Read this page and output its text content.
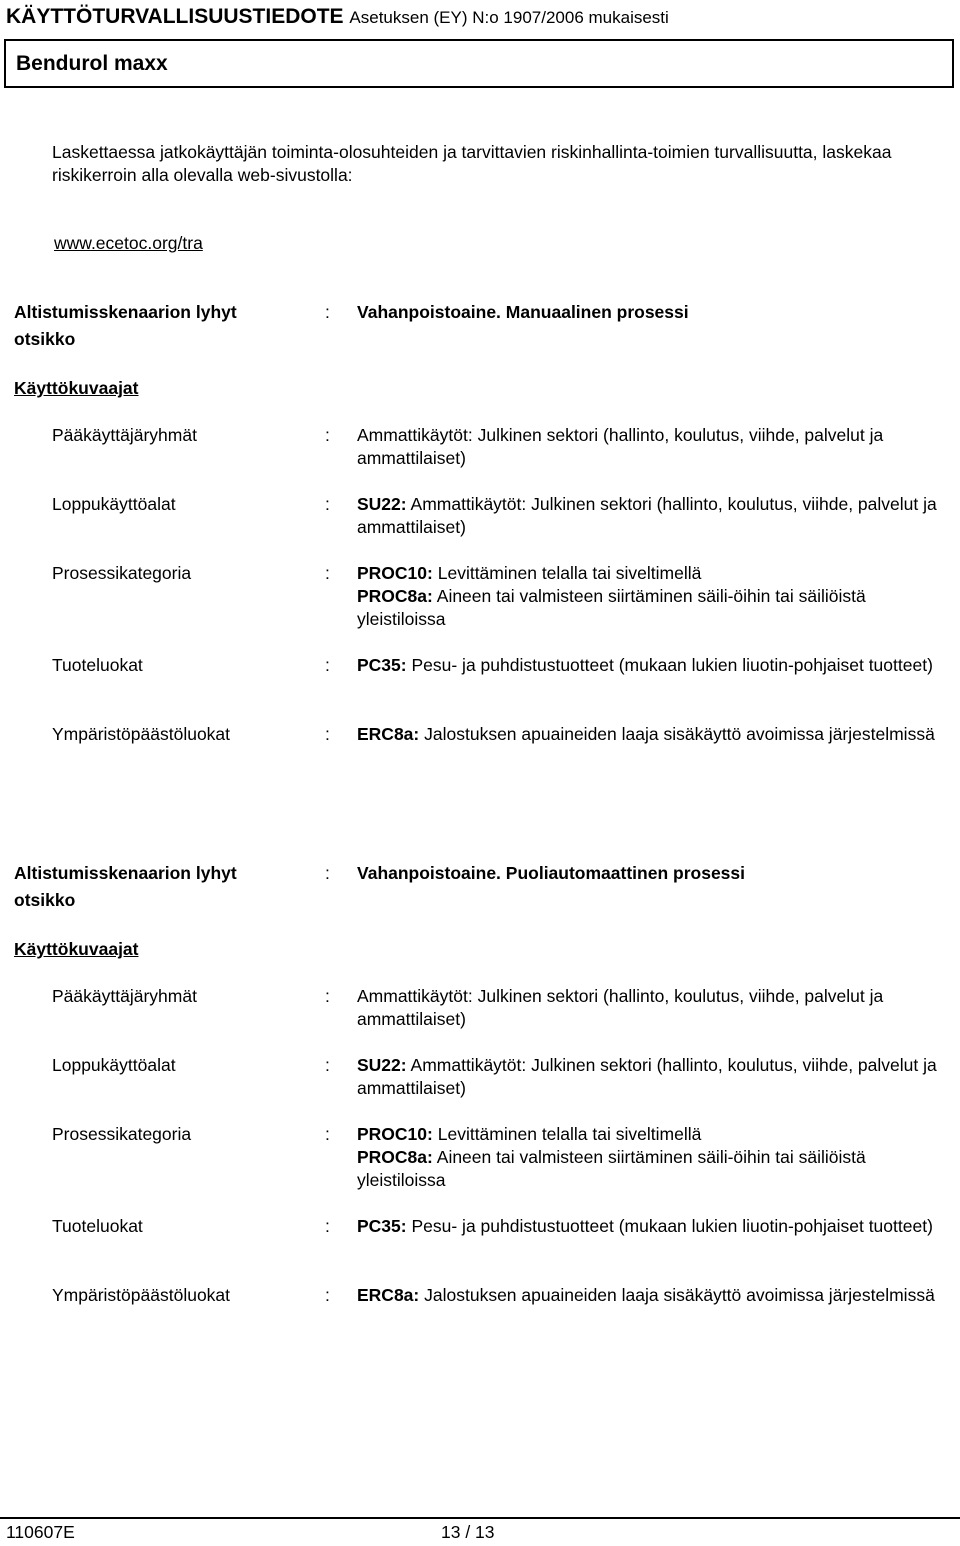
KÄYTTÖTURVALLISUUSTIEDOTE Asetuksen (EY) N:o 1907/2006 mukaisesti
Bendurol maxx
Laskettaessa jatkokäyttäjän toiminta-olosuhteiden ja tarvittavien riskinhallinta-toimien turvallisuutta, laskekaa riskikerroin alla olevalla web-sivustolla:
www.ecetoc.org/tra
Altistumisskenaarion lyhyt otsikko
: Vahanpoistoaine. Manuaalinen prosessi
Käyttökuvaajat
Pääkäyttäjäryhmät	: Ammattikäytöt: Julkinen sektori (hallinto, koulutus, viihde, palvelut ja ammattilaiset)
Loppukäyttöalat	: SU22: Ammattikäytöt: Julkinen sektori (hallinto, koulutus, viihde, palvelut ja ammattilaiset)
Prosessikategoria	: PROC10: Levittäminen telalla tai siveltimellä
PROC8a: Aineen tai valmisteen siirtäminen säili-öihin tai säiliöistä yleistiloissa
Tuoteluokat	: PC35: Pesu- ja puhdistustuotteet (mukaan lukien liuotin-pohjaiset tuotteet)
Ympäristöpäästöluokat	: ERC8a: Jalostuksen apuaineiden laaja sisäkäyttö avoimissa järjestelmissä
Altistumisskenaarion lyhyt otsikko
: Vahanpoistoaine. Puoliautomaattinen prosessi
Käyttökuvaajat
Pääkäyttäjäryhmät	: Ammattikäytöt: Julkinen sektori (hallinto, koulutus, viihde, palvelut ja ammattilaiset)
Loppukäyttöalat	: SU22: Ammattikäytöt: Julkinen sektori (hallinto, koulutus, viihde, palvelut ja ammattilaiset)
Prosessikategoria	: PROC10: Levittäminen telalla tai siveltimellä
PROC8a: Aineen tai valmisteen siirtäminen säili-öihin tai säiliöistä yleistiloissa
Tuoteluokat	: PC35: Pesu- ja puhdistustuotteet (mukaan lukien liuotin-pohjaiset tuotteet)
Ympäristöpäästöluokat	: ERC8a: Jalostuksen apuaineiden laaja sisäkäyttö avoimissa järjestelmissä
110607E	13 / 13
